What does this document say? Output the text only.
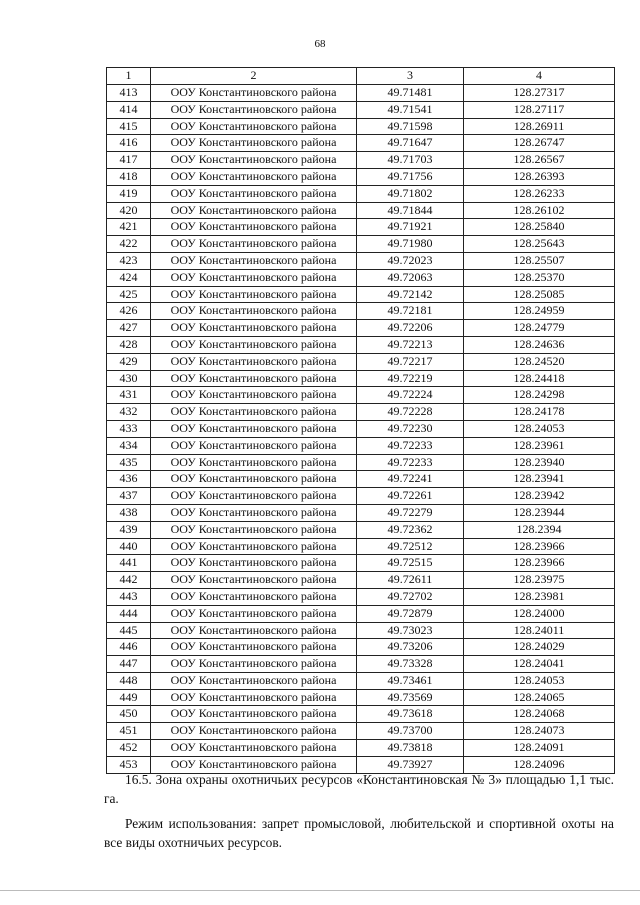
68
1	2	3	4
413	ООУ Константиновского района	49.71481	128.27317
414	ООУ Константиновского района	49.71541	128.27117
415	ООУ Константиновского района	49.71598	128.26911
416	ООУ Константиновского района	49.71647	128.26747
417	ООУ Константиновского района	49.71703	128.26567
418	ООУ Константиновского района	49.71756	128.26393
419	ООУ Константиновского района	49.71802	128.26233
420	ООУ Константиновского района	49.71844	128.26102
421	ООУ Константиновского района	49.71921	128.25840
422	ООУ Константиновского района	49.71980	128.25643
423	ООУ Константиновского района	49.72023	128.25507
424	ООУ Константиновского района	49.72063	128.25370
425	ООУ Константиновского района	49.72142	128.25085
426	ООУ Константиновского района	49.72181	128.24959
427	ООУ Константиновского района	49.72206	128.24779
428	ООУ Константиновского района	49.72213	128.24636
429	ООУ Константиновского района	49.72217	128.24520
430	ООУ Константиновского района	49.72219	128.24418
431	ООУ Константиновского района	49.72224	128.24298
432	ООУ Константиновского района	49.72228	128.24178
433	ООУ Константиновского района	49.72230	128.24053
434	ООУ Константиновского района	49.72233	128.23961
435	ООУ Константиновского района	49.72233	128.23940
436	ООУ Константиновского района	49.72241	128.23941
437	ООУ Константиновского района	49.72261	128.23942
438	ООУ Константиновского района	49.72279	128.23944
439	ООУ Константиновского района	49.72362	128.2394
440	ООУ Константиновского района	49.72512	128.23966
441	ООУ Константиновского района	49.72515	128.23966
442	ООУ Константиновского района	49.72611	128.23975
443	ООУ Константиновского района	49.72702	128.23981
444	ООУ Константиновского района	49.72879	128.24000
445	ООУ Константиновского района	49.73023	128.24011
446	ООУ Константиновского района	49.73206	128.24029
447	ООУ Константиновского района	49.73328	128.24041
448	ООУ Константиновского района	49.73461	128.24053
449	ООУ Константиновского района	49.73569	128.24065
450	ООУ Константиновского района	49.73618	128.24068
451	ООУ Константиновского района	49.73700	128.24073
452	ООУ Константиновского района	49.73818	128.24091
453	ООУ Константиновского района	49.73927	128.24096

16.5. Зона охраны охотничьих ресурсов «Константиновская № 3» площадью 1,1 тыс. га.

Режим использования: запрет промысловой, любительской и спортивной охоты на все виды охотничьих ресурсов.
